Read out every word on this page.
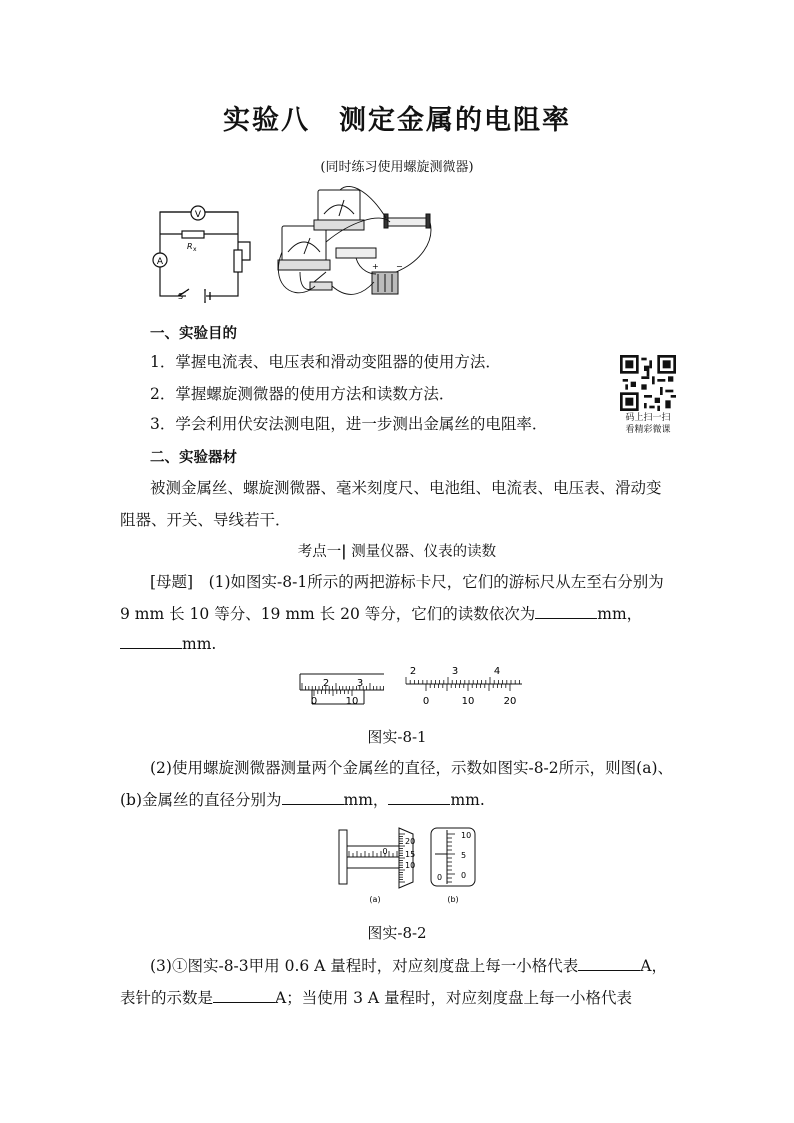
实验八　测定金属的电阻率
(同时练习使用螺旋测微器)
V
A
R x
S
+ −
一、实验目的
1．掌握电流表、电压表和滑动变阻器的使用方法．
2．掌握螺旋测微器的使用方法和读数方法．
3．学会利用伏安法测电阻，进一步测出金属丝的电阻率．	码上扫一扫
看精彩微课
二、实验器材
被测金属丝、螺旋测微器、毫米刻度尺、电池组、电流表、电压表、滑动变
阻器、开关、导线若干．
考点一| 测量仪器、仪表的读数
[母题]　(1)如图实-8-1所示的两把游标卡尺，它们的游标尺从左至右分别为
9 mm 长 10 等分、19 mm 长 20 等分，它们的读数依次为	mm，
mm.
2	3
0	10
2	3	4
0	10	20
图实-8-1
(2)使用螺旋测微器测量两个金属丝的直径，示数如图实-8-2所示，则图(a)、
(b)金属丝的直径分别为	mm，	mm.
0
20
15
10
(a)
0
10
5
0
(b)
图实-8-2
(3)①图实-8-3甲用 0.6 A 量程时，对应刻度盘上每一小格代表	A，
表针的示数是	A；当使用 3 A 量程时，对应刻度盘上每一小格代表
